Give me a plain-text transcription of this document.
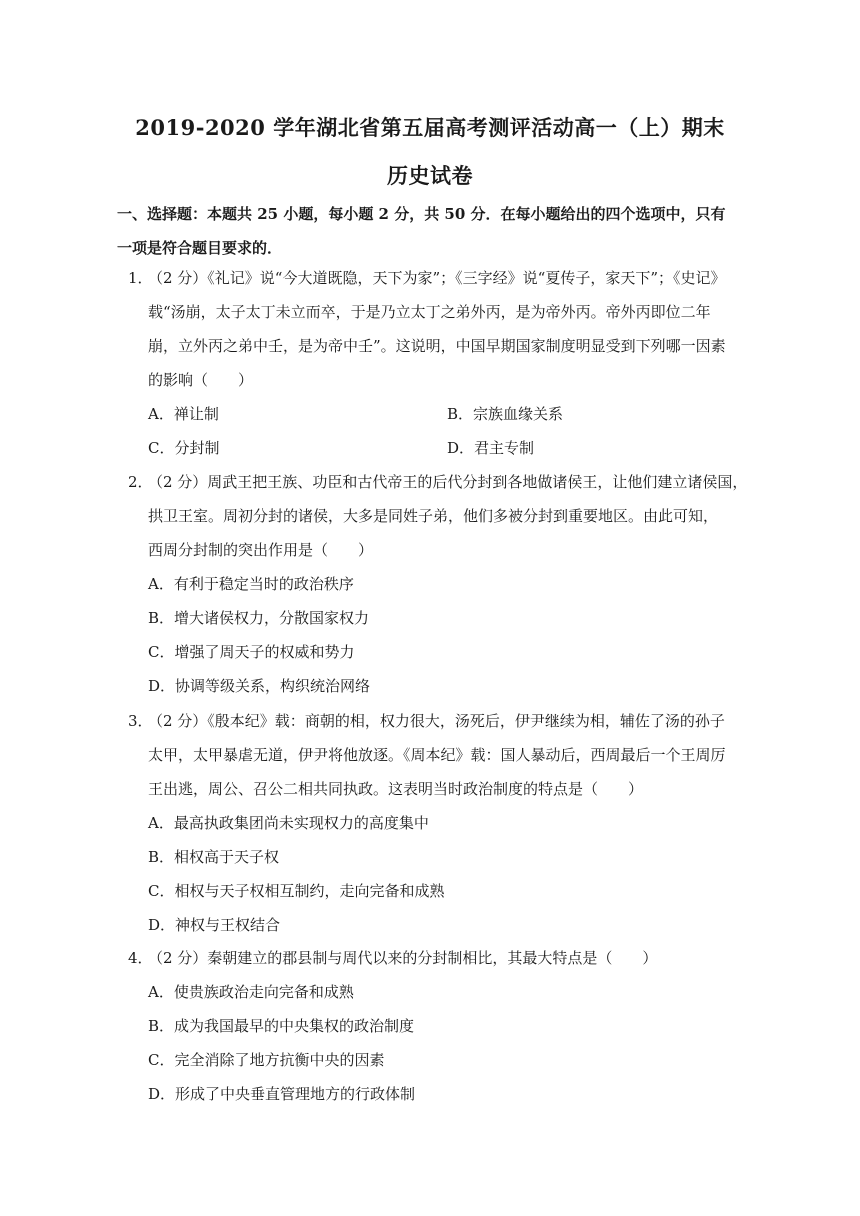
2019-2020 学年湖北省第五届高考测评活动高一（上）期末
历史试卷
一、选择题：本题共 25 小题，每小题 2 分，共 50 分．在每小题给出的四个选项中，只有
一项是符合题目要求的．
1．
（2 分）《礼记》说“今大道既隐，天下为家”；《三字经》说“夏传子，家天下”；《史记》
载“汤崩，太子太丁未立而卒，于是乃立太丁之弟外丙，是为帝外丙。帝外丙即位二年
崩，立外丙之弟中壬，是为帝中壬”。这说明，中国早期国家制度明显受到下列哪一因素
的影响（　　）
A．禅让制	B．宗族血缘关系
C．分封制	D．君主专制
2．
（2 分）周武王把王族、功臣和古代帝王的后代分封到各地做诸侯王，让他们建立诸侯国，
拱卫王室。周初分封的诸侯，大多是同姓子弟，他们多被分封到重要地区。由此可知，
西周分封制的突出作用是（　　）
A．有利于稳定当时的政治秩序
B．增大诸侯权力，分散国家权力
C．增强了周天子的权威和势力
D．协调等级关系，构织统治网络
3．
（2 分）《殷本纪》载：商朝的相，权力很大，汤死后，伊尹继续为相，辅佐了汤的孙子
太甲，太甲暴虐无道，伊尹将他放逐。《周本纪》载：国人暴动后，西周最后一个王周厉
王出逃，周公、召公二相共同执政。这表明当时政治制度的特点是（　　）
A．最高执政集团尚未实现权力的高度集中
B．相权高于天子权
C．相权与天子权相互制约，走向完备和成熟
D．神权与王权结合
4．
（2 分）秦朝建立的郡县制与周代以来的分封制相比，其最大特点是（　　）
A．使贵族政治走向完备和成熟
B．成为我国最早的中央集权的政治制度
C．完全消除了地方抗衡中央的因素
D．形成了中央垂直管理地方的行政体制
